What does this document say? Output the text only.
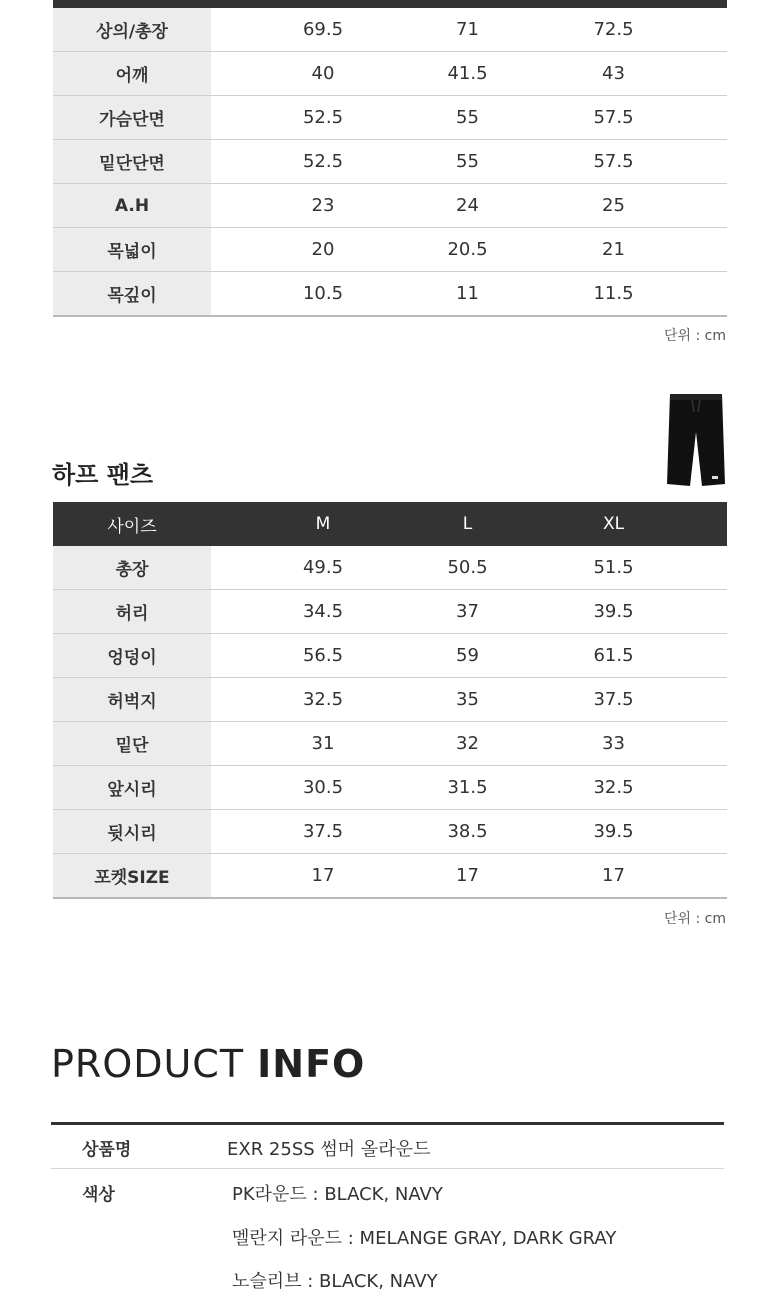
상의/총장	69.5	71	72.5
어깨	40	41.5	43
가슴단면	52.5	55	57.5
밑단단면	52.5	55	57.5
A.H	23	24	25
목넓이	20	20.5	21
목깊이	10.5	11	11.5
단위 : cm
하프 팬츠
사이즈	M	L	XL
총장	49.5	50.5	51.5
허리	34.5	37	39.5
엉덩이	56.5	59	61.5
허벅지	32.5	35	37.5
밑단	31	32	33
앞시리	30.5	31.5	32.5
뒷시리	37.5	38.5	39.5
포켓SIZE	17	17	17
단위 : cm
PRODUCT INFO
상품명	EXR 25SS 썸머 올라운드
색상	PK라운드 : BLACK, NAVY
멜란지 라운드 : MELANGE GRAY, DARK GRAY
노슬리브 : BLACK, NAVY
